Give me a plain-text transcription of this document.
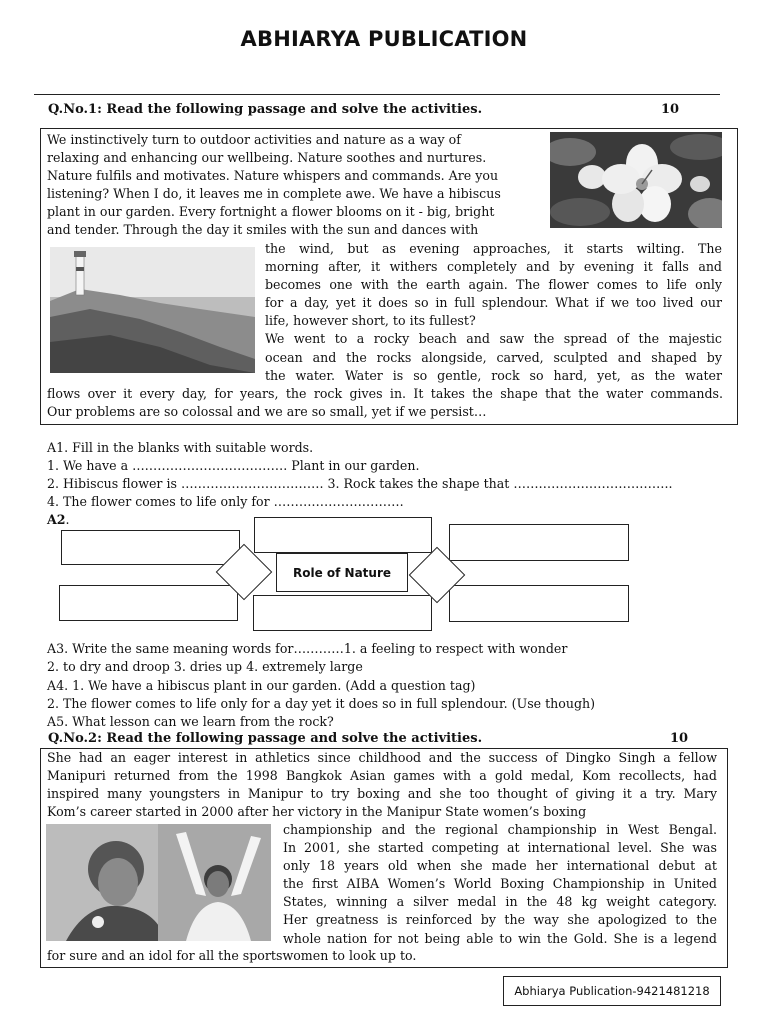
ABHIARYA PUBLICATION
Q.No.1: Read the following passage and solve the activities.	10

We instinctively turn to outdoor activities and nature as a way of

relaxing and enhancing our wellbeing. Nature soothes and nurtures.

Nature fulfils and motivates. Nature whispers and commands. Are you

listening? When I do, it leaves me in complete awe. We have a hibiscus

plant in our garden. Every fortnight a flower blooms on it - big, bright

and tender. Through the day it smiles with the sun and dances with

the wind, but as evening approaches, it starts wilting. The

morning after, it withers completely and by evening it falls and

becomes one with the earth again. The flower comes to life only

for a day, yet it does so in full splendour. What if we too lived our

life, however short, to its fullest?

We went to a rocky beach and saw the spread of the majestic

ocean and the rocks alongside, carved, sculpted and shaped by

the water. Water is so gentle, rock so hard, yet, as the water

flows over it every day, for years, the rock gives in. It takes the shape that the water commands.

Our problems are so colossal and we are so small, yet if we persist…

A1. Fill in the blanks with suitable words.
1. We have a ………………………………. Plant in our garden.
2. Hibiscus flower is ……………………………. 3. Rock takes the shape that ………………………………..
4. The flower comes to life only for ………………………….
A2.
Role of Nature
A3. Write the same meaning words for…………1. a feeling to respect with wonder
2. to dry and droop 3. dries up 4. extremely large
A4. 1. We have a hibiscus plant in our garden. (Add a question tag)
2. The flower comes to life only for a day yet it does so in full splendour. (Use though)
A5. What lesson can we learn from the rock?
Q.No.2: Read the following passage and solve the activities.	10

She had an eager interest in athletics since childhood and the success of Dingko Singh a fellow

Manipuri returned from the 1998 Bangkok Asian games with a gold medal, Kom recollects, had

inspired many youngsters in Manipur to try boxing and she too thought of giving it a try. Mary

Kom’s career started in 2000 after her victory in the Manipur State women’s boxing

championship and the regional championship in West Bengal.

In 2001, she started competing at international level. She was

only 18 years old when she made her international debut at

the first AIBA Women’s World Boxing Championship in United

States, winning a silver medal in the 48 kg weight category.

Her greatness is reinforced by the way she apologized to the

whole nation for not being able to win the Gold. She is a legend

for sure and an idol for all the sportswomen to look up to.

Abhiarya Publication-9421481218
